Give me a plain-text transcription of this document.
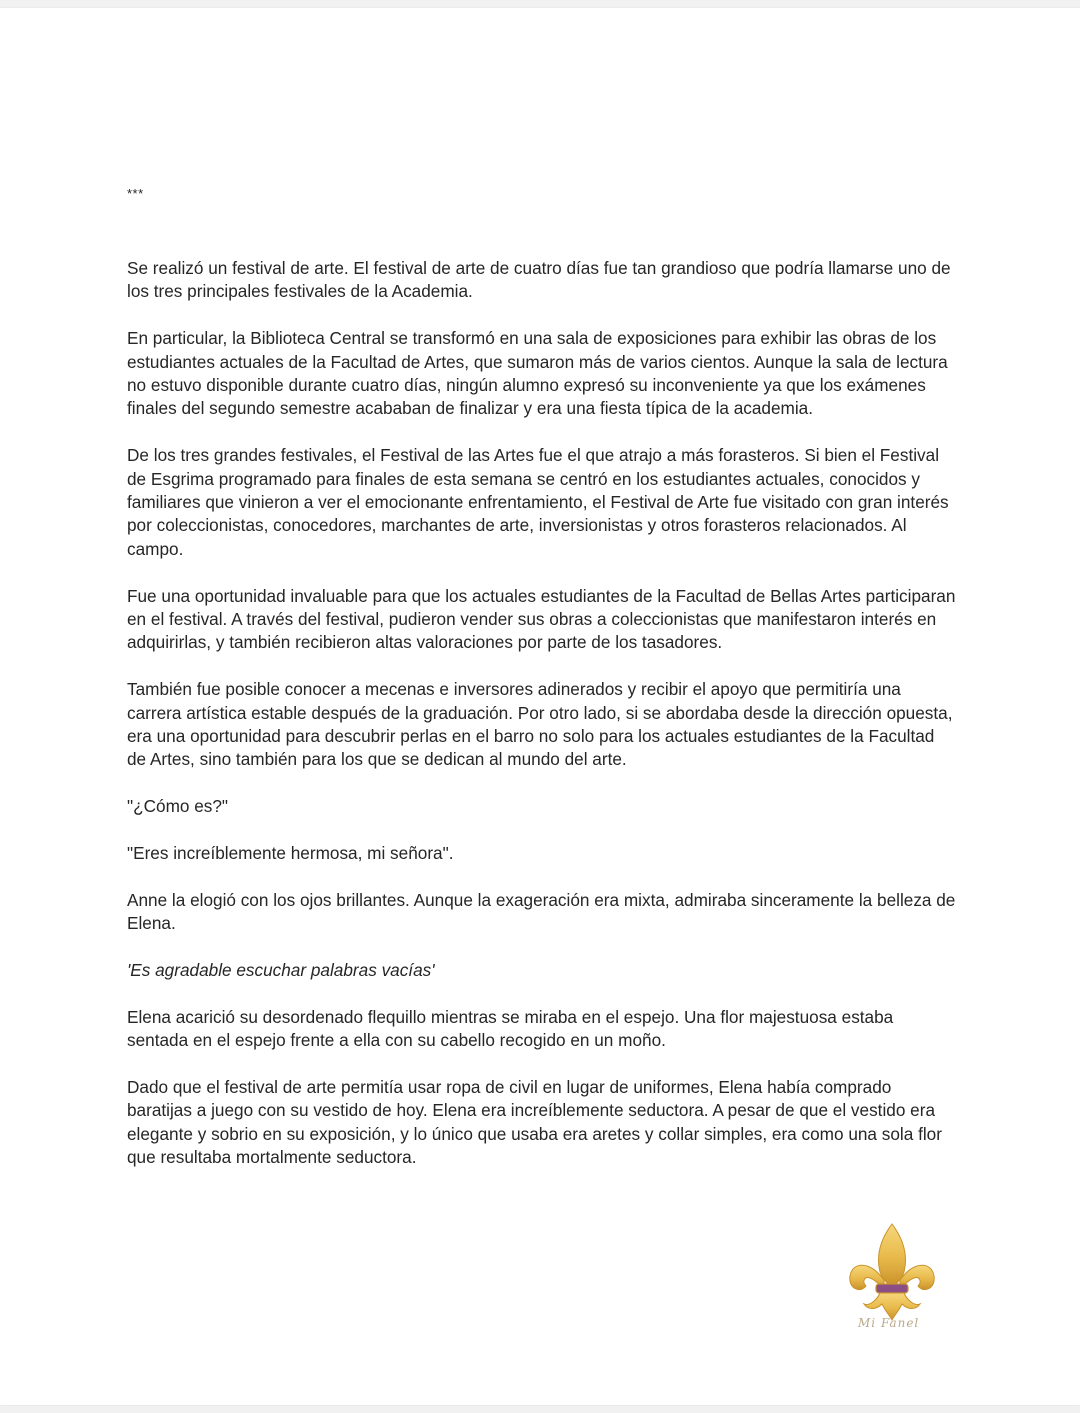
***

Se realizó un festival de arte. El festival de arte de cuatro días fue tan grandioso que podría llamarse uno de los tres principales festivales de la Academia.

En particular, la Biblioteca Central se transformó en una sala de exposiciones para exhibir las obras de los estudiantes actuales de la Facultad de Artes, que sumaron más de varios cientos. Aunque la sala de lectura no estuvo disponible durante cuatro días, ningún alumno expresó su inconveniente ya que los exámenes finales del segundo semestre acababan de finalizar y era una fiesta típica de la academia.

De los tres grandes festivales, el Festival de las Artes fue el que atrajo a más forasteros. Si bien el Festival de Esgrima programado para finales de esta semana se centró en los estudiantes actuales, conocidos y familiares que vinieron a ver el emocionante enfrentamiento, el Festival de Arte fue visitado con gran interés por coleccionistas, conocedores, marchantes de arte, inversionistas y otros forasteros relacionados. Al campo.

Fue una oportunidad invaluable para que los actuales estudiantes de la Facultad de Bellas Artes participaran en el festival. A través del festival, pudieron vender sus obras a coleccionistas que manifestaron interés en adquirirlas, y también recibieron altas valoraciones por parte de los tasadores.

También fue posible conocer a mecenas e inversores adinerados y recibir el apoyo que permitiría una carrera artística estable después de la graduación. Por otro lado, si se abordaba desde la dirección opuesta, era una oportunidad para descubrir perlas en el barro no solo para los actuales estudiantes de la Facultad de Artes, sino también para los que se dedican al mundo del arte.

"¿Cómo es?"

"Eres increíblemente hermosa, mi señora".

Anne la elogió con los ojos brillantes. Aunque la exageración era mixta, admiraba sinceramente la belleza de Elena.

'Es agradable escuchar palabras vacías'

Elena acarició su desordenado flequillo mientras se miraba en el espejo. Una flor majestuosa estaba sentada en el espejo frente a ella con su cabello recogido en un moño.

Dado que el festival de arte permitía usar ropa de civil en lugar de uniformes, Elena había comprado baratijas a juego con su vestido de hoy. Elena era increíblemente seductora. A pesar de que el vestido era elegante y sobrio en su exposición, y lo único que usaba era aretes y collar simples, era como una sola flor que resultaba mortalmente seductora.

Mi Fanel
